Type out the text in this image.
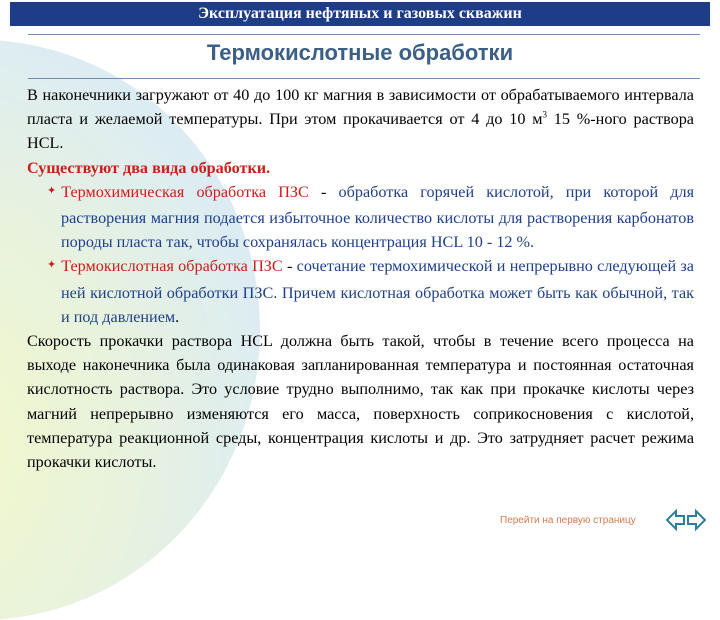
Эксплуатация нефтяных и газовых скважин
Термокислотные обработки

В наконечники загружают от 40 до 100 кг магния в зависимости от обрабатываемого интервала пласта и желаемой температуры. При этом прокачивается от 4 до 10 $м^3$ 15 %-ного раствора HCL.

Существуют два вида обработки.

✦ Термохимическая обработка ПЗС - обработка горячей кислотой, при которой для растворения магния подается избыточное количество кислоты для растворения карбонатов породы пласта так, чтобы сохранялась концентрация HCL 10 - 12 %.

✦ Термокислотная обработка ПЗС - сочетание термохимической и непрерывно следующей за ней кислотной обработки ПЗС. Причем кислотная обработка может быть как обычной, так и под давлением.

Скорость прокачки раствора HCL должна быть такой, чтобы в течение всего процесса на выходе наконечника была одинаковая запланированная температура и постоянная остаточная кислотность раствора. Это условие трудно выполнимо, так как при прокачке кислоты через магний непрерывно изменяются его масса, поверхность соприкосновения с кислотой, температура реакционной среды, концентрация кислоты и др. Это затрудняет расчет режима прокачки кислоты.

Перейти на первую страницу
